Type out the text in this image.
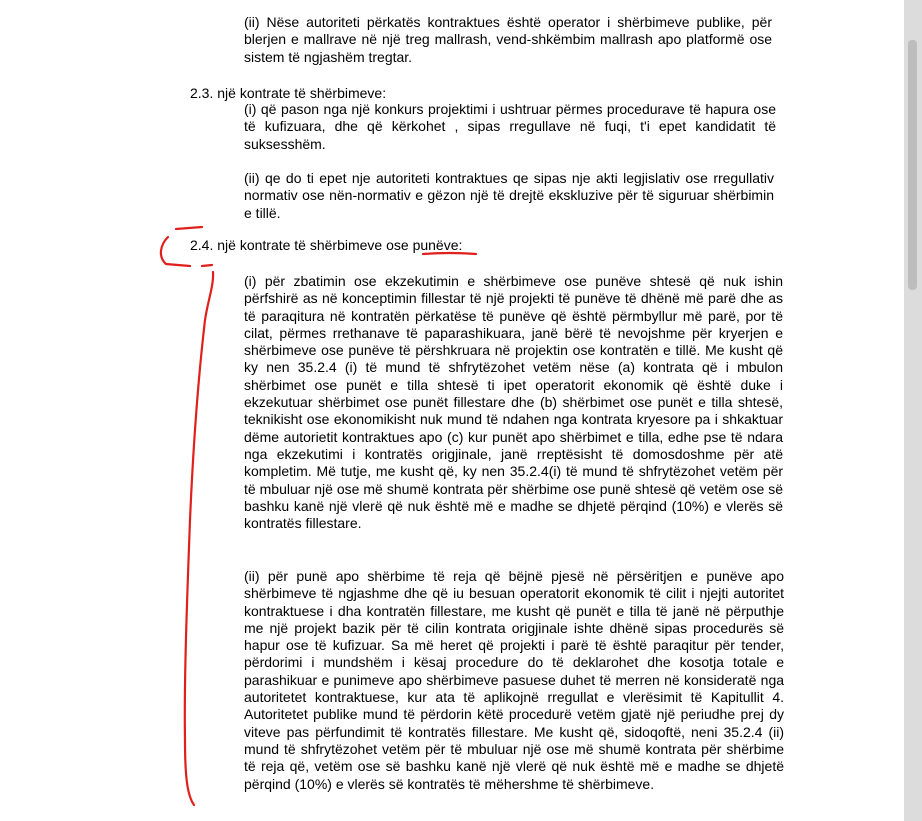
(ii) Nëse autoriteti përkatës kontraktues është operator i shërbimeve publike, për blerjen e mallrave në një treg mallrash, vend-shkëmbim mallrash apo platformë ose sistem të ngjashëm tregtar.
2.3. një kontrate të shërbimeve:
(i) që pason nga një konkurs projektimi i ushtruar përmes procedurave të hapura ose të kufizuara, dhe që kërkohet , sipas rregullave në fuqi, t'i epet kandidatit të suksesshëm.
(ii) qe do ti epet nje autoriteti kontraktues qe sipas nje akti legjislativ ose rregullativ normativ ose nën-normativ e gëzon një të drejtë ekskluzive për të siguruar shërbimin e tillë.
2.4. një kontrate të shërbimeve ose punëve:
(i) për zbatimin ose ekzekutimin e shërbimeve ose punëve shtesë që nuk ishin përfshirë as në konceptimin fillestar të një projekti të punëve të dhënë më parë dhe as të paraqitura në kontratën përkatëse të punëve që është përmbyllur më parë, por të cilat, përmes rrethanave të paparashikuara, janë bërë të nevojshme për kryerjen e shërbimeve ose punëve të përshkruara në projektin ose kontratën e tillë. Me kusht që ky nen 35.2.4 (i) të mund të shfrytëzohet vetëm nëse (a) kontrata që i mbulon shërbimet ose punët e tilla shtesë ti ipet operatorit ekonomik që është duke i ekzekutuar shërbimet ose punët fillestare dhe (b) shërbimet ose punët e tilla shtesë, teknikisht ose ekonomikisht nuk mund të ndahen nga kontrata kryesore pa i shkaktuar dëme autorietit kontraktues apo (c) kur punët apo shërbimet e tilla, edhe pse të ndara nga ekzekutimi i kontratës origjinale, janë rreptësisht të domosdoshme për atë kompletim. Më tutje, me kusht që, ky nen 35.2.4(i) të mund të shfrytëzohet vetëm për të mbuluar një ose më shumë kontrata për shërbime ose punë shtesë që vetëm ose së bashku kanë një vlerë që nuk është më e madhe se dhjetë përqind (10%) e vlerës së kontratës fillestare.
(ii) për punë apo shërbime të reja që bëjnë pjesë në përsëritjen e punëve apo shërbimeve të ngjashme dhe që iu besuan operatorit ekonomik të cilit i njejti autoritet kontraktuese i dha kontratën fillestare, me kusht që punët e tilla të janë në përputhje me një projekt bazik për të cilin kontrata origjinale ishte dhënë sipas procedurës së hapur ose të kufizuar. Sa më heret që projekti i parë të është paraqitur për tender, përdorimi i mundshëm i kësaj procedure do të deklarohet dhe kosotja totale e parashikuar e punimeve apo shërbimeve pasuese duhet të merren në konsideratë nga autoritetet kontraktuese, kur ata të aplikojnë rregullat e vlerësimit të Kapitullit 4. Autoritetet publike mund të përdorin këtë procedurë vetëm gjatë një periudhe prej dy viteve pas përfundimit të kontratës fillestare. Me kusht që, sidoqoftë, neni 35.2.4 (ii) mund të shfrytëzohet vetëm për të mbuluar një ose më shumë kontrata për shërbime të reja që, vetëm ose së bashku kanë një vlerë që nuk është më e madhe se dhjetë përqind (10%) e vlerës së kontratës të mëhershme të shërbimeve.
